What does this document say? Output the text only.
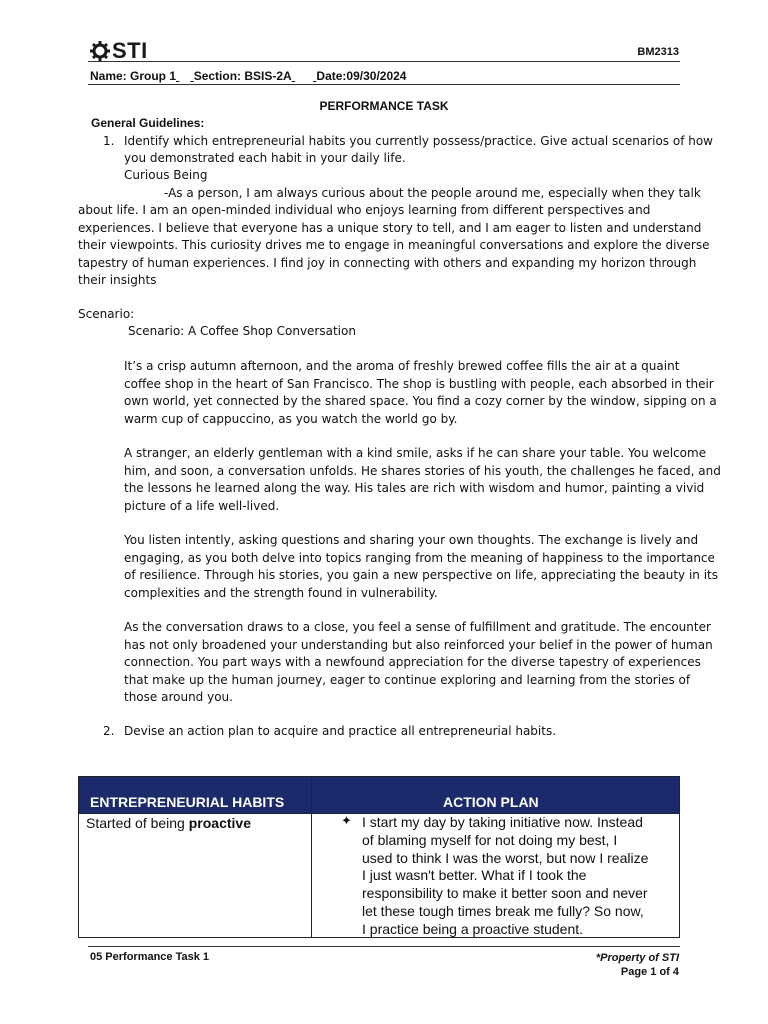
STI	BM2313
Name: Group 1 Section: BSIS-2A Date:09/30/2024
PERFORMANCE TASK
General Guidelines:
1. Identify which entrepreneurial habits you currently possess/practice. Give actual scenarios of how
you demonstrated each habit in your daily life.
Curious Being
-As a person, I am always curious about the people around me, especially when they talk
about life. I am an open-minded individual who enjoys learning from different perspectives and
experiences. I believe that everyone has a unique story to tell, and I am eager to listen and understand
their viewpoints. This curiosity drives me to engage in meaningful conversations and explore the diverse
tapestry of human experiences. I find joy in connecting with others and expanding my horizon through
their insights
Scenario:
Scenario: A Coffee Shop Conversation
It’s a crisp autumn afternoon, and the aroma of freshly brewed coffee fills the air at a quaint
coffee shop in the heart of San Francisco. The shop is bustling with people, each absorbed in their
own world, yet connected by the shared space. You find a cozy corner by the window, sipping on a
warm cup of cappuccino, as you watch the world go by.
A stranger, an elderly gentleman with a kind smile, asks if he can share your table. You welcome
him, and soon, a conversation unfolds. He shares stories of his youth, the challenges he faced, and
the lessons he learned along the way. His tales are rich with wisdom and humor, painting a vivid
picture of a life well-lived.
You listen intently, asking questions and sharing your own thoughts. The exchange is lively and
engaging, as you both delve into topics ranging from the meaning of happiness to the importance
of resilience. Through his stories, you gain a new perspective on life, appreciating the beauty in its
complexities and the strength found in vulnerability.
As the conversation draws to a close, you feel a sense of fulfillment and gratitude. The encounter
has not only broadened your understanding but also reinforced your belief in the power of human
connection. You part ways with a newfound appreciation for the diverse tapestry of experiences
that make up the human journey, eager to continue exploring and learning from the stories of
those around you.
2. Devise an action plan to acquire and practice all entrepreneurial habits.
ENTREPRENEURIAL HABITS	ACTION PLAN
Started of being proactive	✦ I start my day by taking initiative now. Instead
of blaming myself for not doing my best, I
used to think I was the worst, but now I realize
I just wasn't better. What if I took the
responsibility to make it better soon and never
let these tough times break me fully? So now,
I practice being a proactive student.
05 Performance Task 1	*Property of STI
Page 1 of 4
